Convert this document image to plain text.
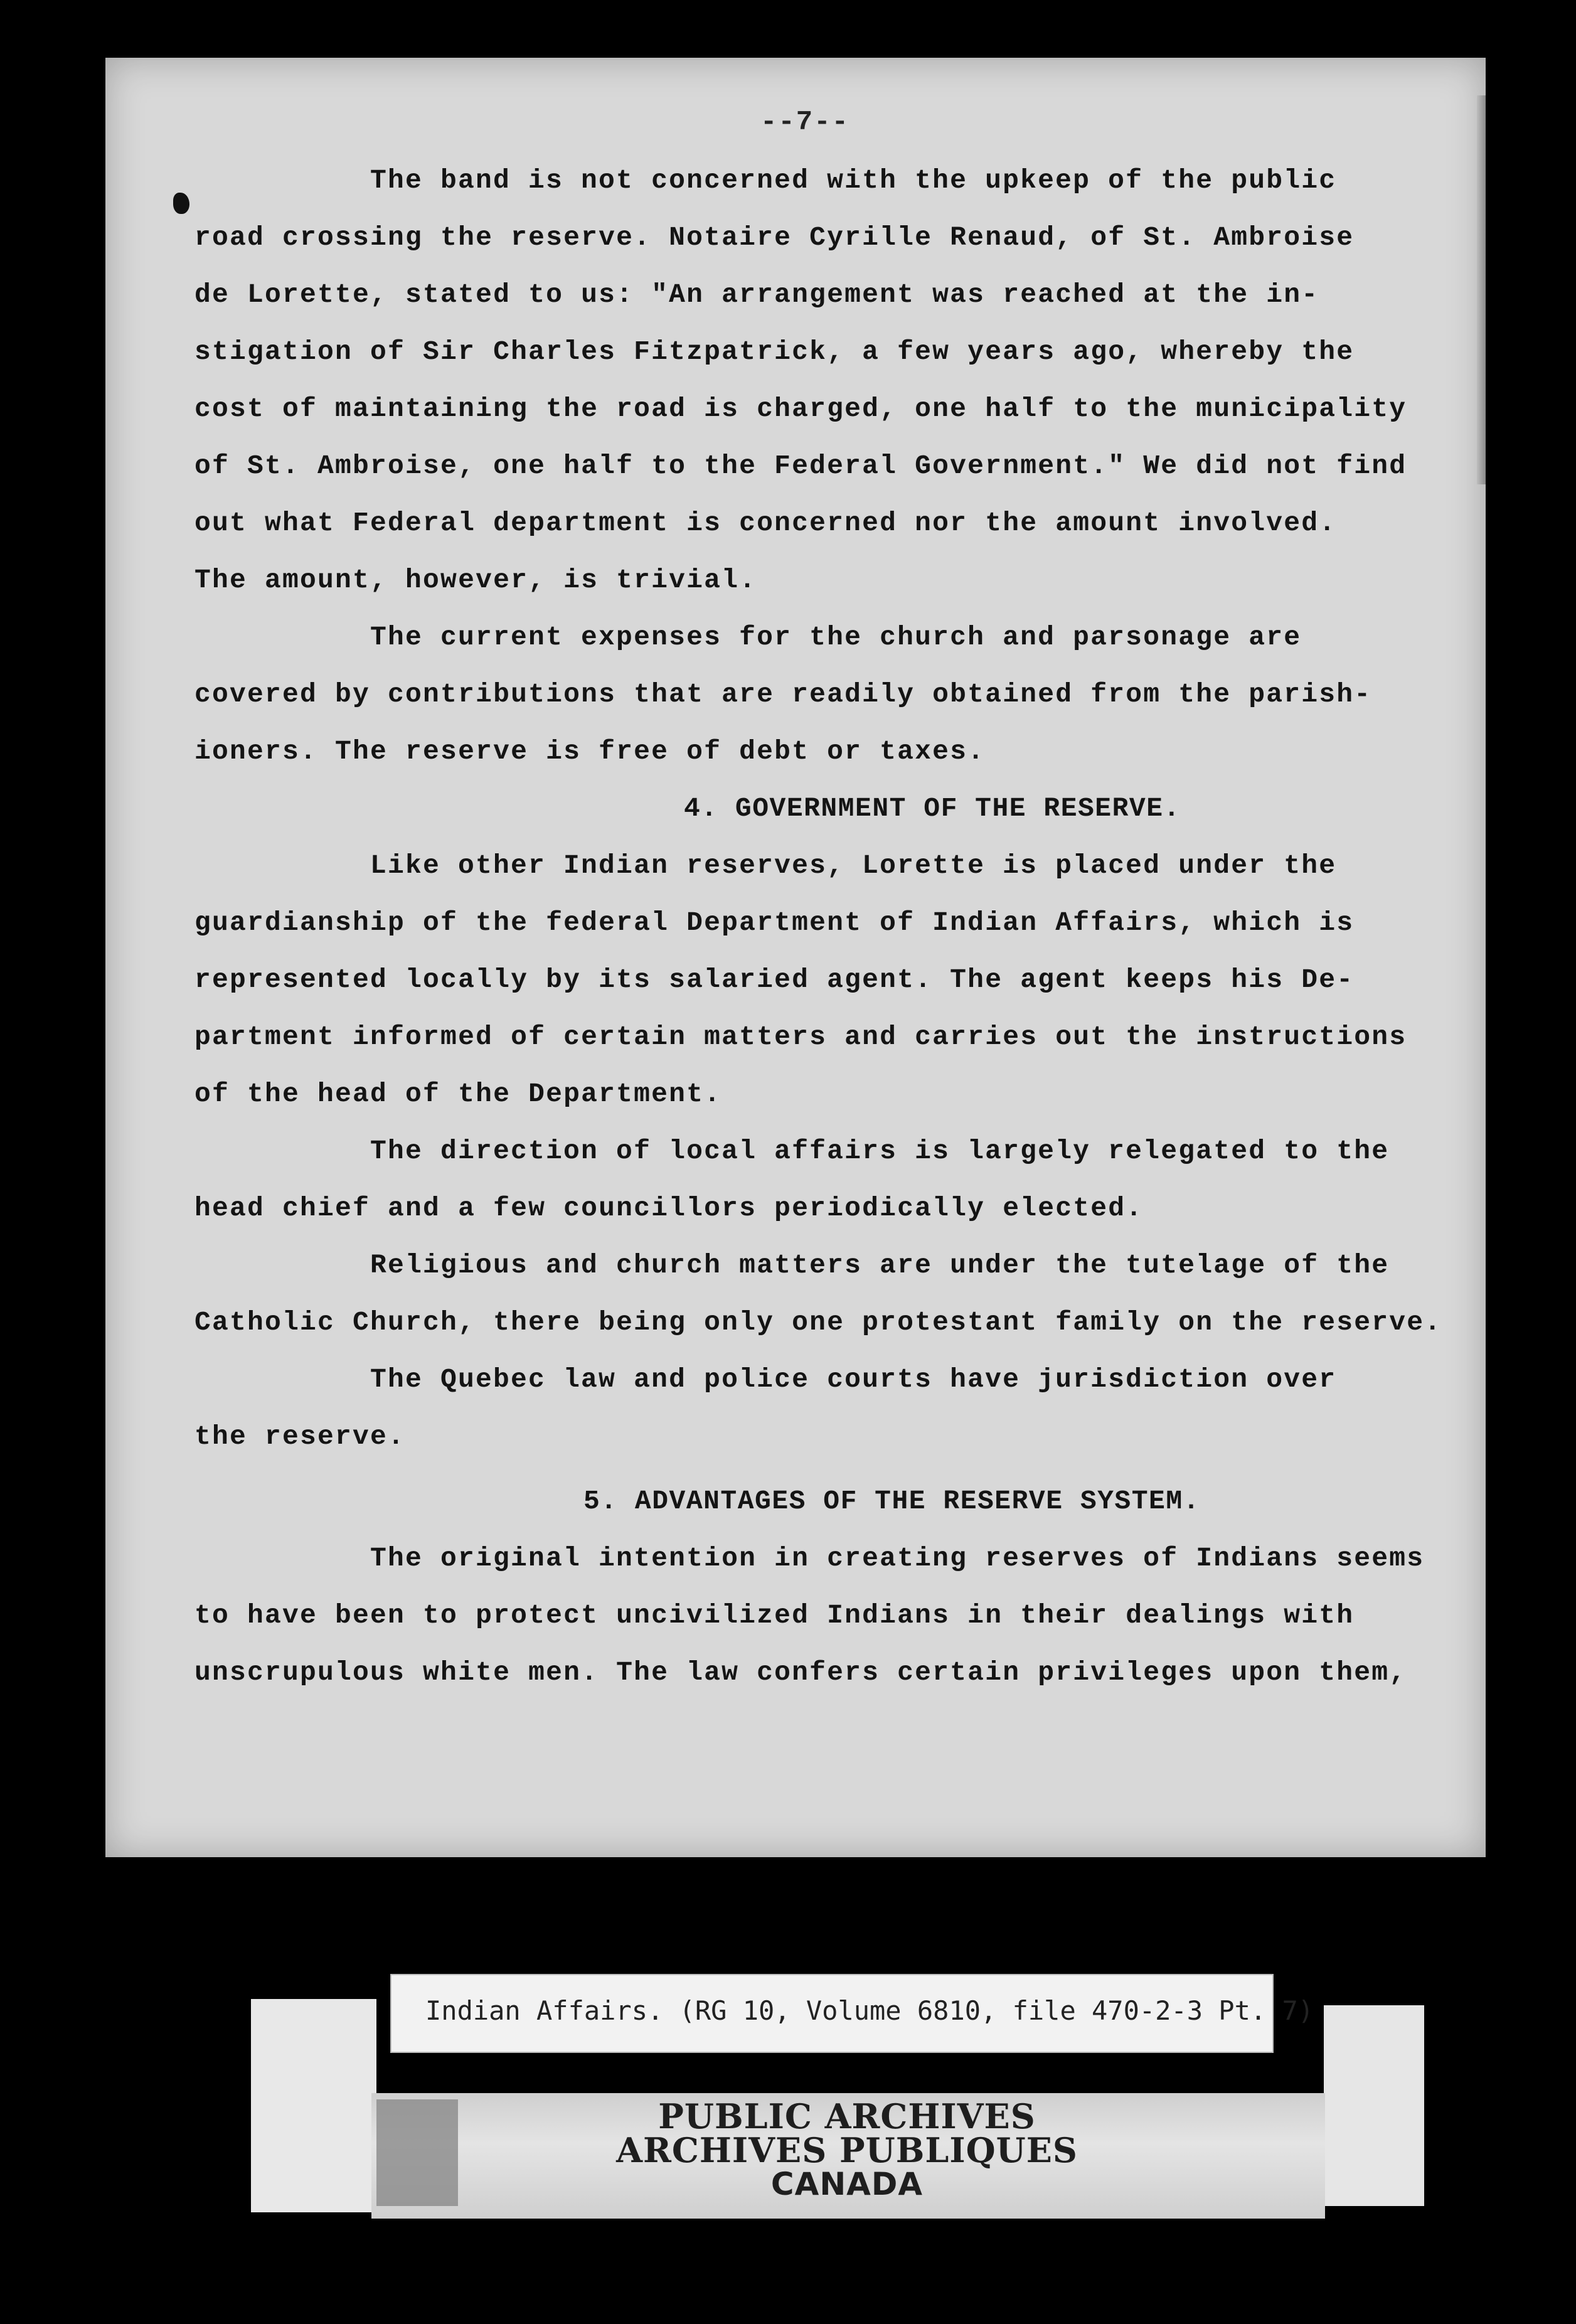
--7--

The band is not concerned with the upkeep of the public
road crossing the reserve. Notaire Cyrille Renaud, of St. Ambroise
de Lorette, stated to us: "An arrangement was reached at the in-
stigation of Sir Charles Fitzpatrick, a few years ago, whereby the
cost of maintaining the road is charged, one half to the municipality
of St. Ambroise, one half to the Federal Government." We did not find
out what Federal department is concerned nor the amount involved.
The amount, however, is trivial.

The current expenses for the church and parsonage are
covered by contributions that are readily obtained from the parish-
ioners. The reserve is free of debt or taxes.

4. GOVERNMENT OF THE RESERVE.

Like other Indian reserves, Lorette is placed under the
guardianship of the federal Department of Indian Affairs, which is
represented locally by its salaried agent. The agent keeps his De-
partment informed of certain matters and carries out the instructions
of the head of the Department.

The direction of local affairs is largely relegated to the
head chief and a few councillors periodically elected.

Religious and church matters are under the tutelage of the
Catholic Church, there being only one protestant family on the reserve.

The Quebec law and police courts have jurisdiction over
the reserve.

5. ADVANTAGES OF THE RESERVE SYSTEM.

The original intention in creating reserves of Indians seems
to have been to protect uncivilized Indians in their dealings with
unscrupulous white men. The law confers certain privileges upon them,

Indian Affairs. (RG 10, Volume 6810, file 470-2-3 Pt. 7)
PUBLIC ARCHIVES
ARCHIVES PUBLIQUES
CANADA
